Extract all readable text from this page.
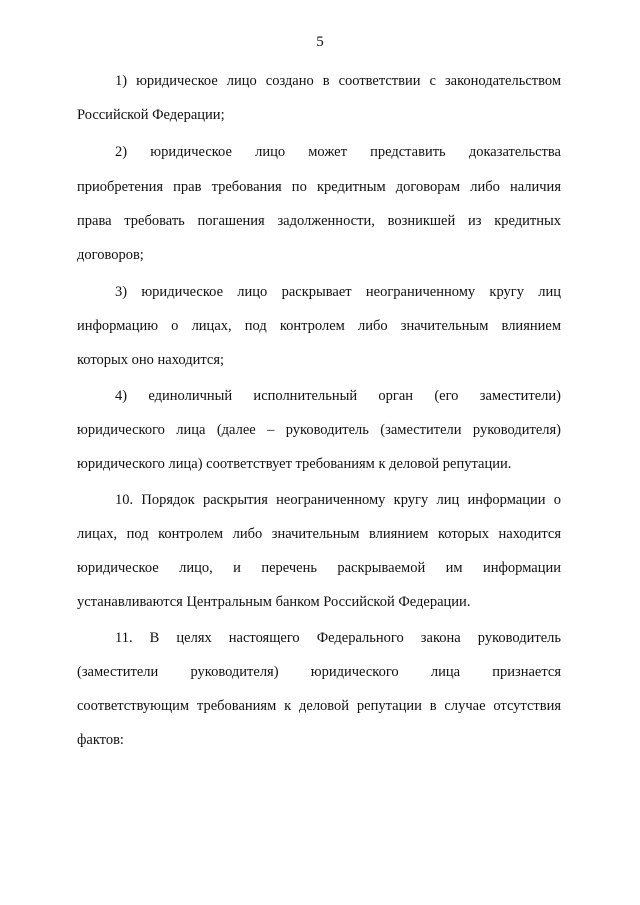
5
1) юридическое лицо создано в соответствии с законодательством
Российской Федерации;
2) юридическое лицо может представить доказательства
приобретения прав требования по кредитным договорам либо наличия
права требовать погашения задолженности, возникшей из кредитных
договоров;
3) юридическое лицо раскрывает неограниченному кругу лиц
информацию о лицах, под контролем либо значительным влиянием
которых оно находится;
4) единоличный исполнительный орган (его заместители)
юридического лица (далее – руководитель (заместители руководителя)
юридического лица) соответствует требованиям к деловой репутации.
10. Порядок раскрытия неограниченному кругу лиц информации о
лицах, под контролем либо значительным влиянием которых находится
юридическое лицо, и перечень раскрываемой им информации
устанавливаются Центральным банком Российской Федерации.
11. В целях настоящего Федерального закона руководитель
(заместители руководителя) юридического лица признается
соответствующим требованиям к деловой репутации в случае отсутствия
фактов:
